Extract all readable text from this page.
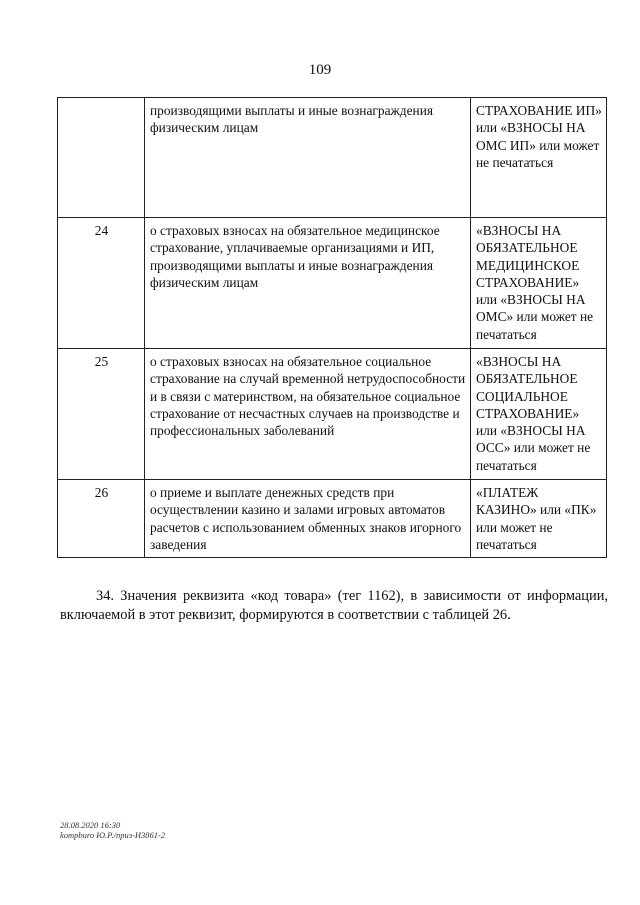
109
	производящими выплаты и иные вознаграждения физическим лицам	СТРАХОВАНИЕ ИП» или «ВЗНОСЫ НА ОМС ИП» или может не печататься
24	о страховых взносах на обязательное медицинское страхование, уплачиваемые организациями и ИП, производящими выплаты и иные вознаграждения физическим лицам	«ВЗНОСЫ НА ОБЯЗАТЕЛЬНОЕ МЕДИЦИНСКОЕ СТРАХОВАНИЕ» или «ВЗНОСЫ НА ОМС» или может не печататься
25	о страховых взносах на обязательное социальное страхование на случай временной нетрудоспособности и в связи с материнством, на обязательное социальное страхование от несчастных случаев на производстве и профессиональных заболеваний	«ВЗНОСЫ НА ОБЯЗАТЕЛЬНОЕ СОЦИАЛЬНОЕ СТРАХОВАНИЕ» или «ВЗНОСЫ НА ОСС» или может не печататься
26	о приеме и выплате денежных средств при осуществлении казино и залами игровых автоматов расчетов с использованием обменных знаков игорного заведения	«ПЛАТЕЖ КАЗИНО» или «ПК» или может не печататься

34. Значения реквизита «код товара» (тег 1162), в зависимости от информации, включаемой в этот реквизит, формируются в соответствии с таблицей 26.

28.08.2020 16:30
kompburo Ю.Р./приз-И3861-2
